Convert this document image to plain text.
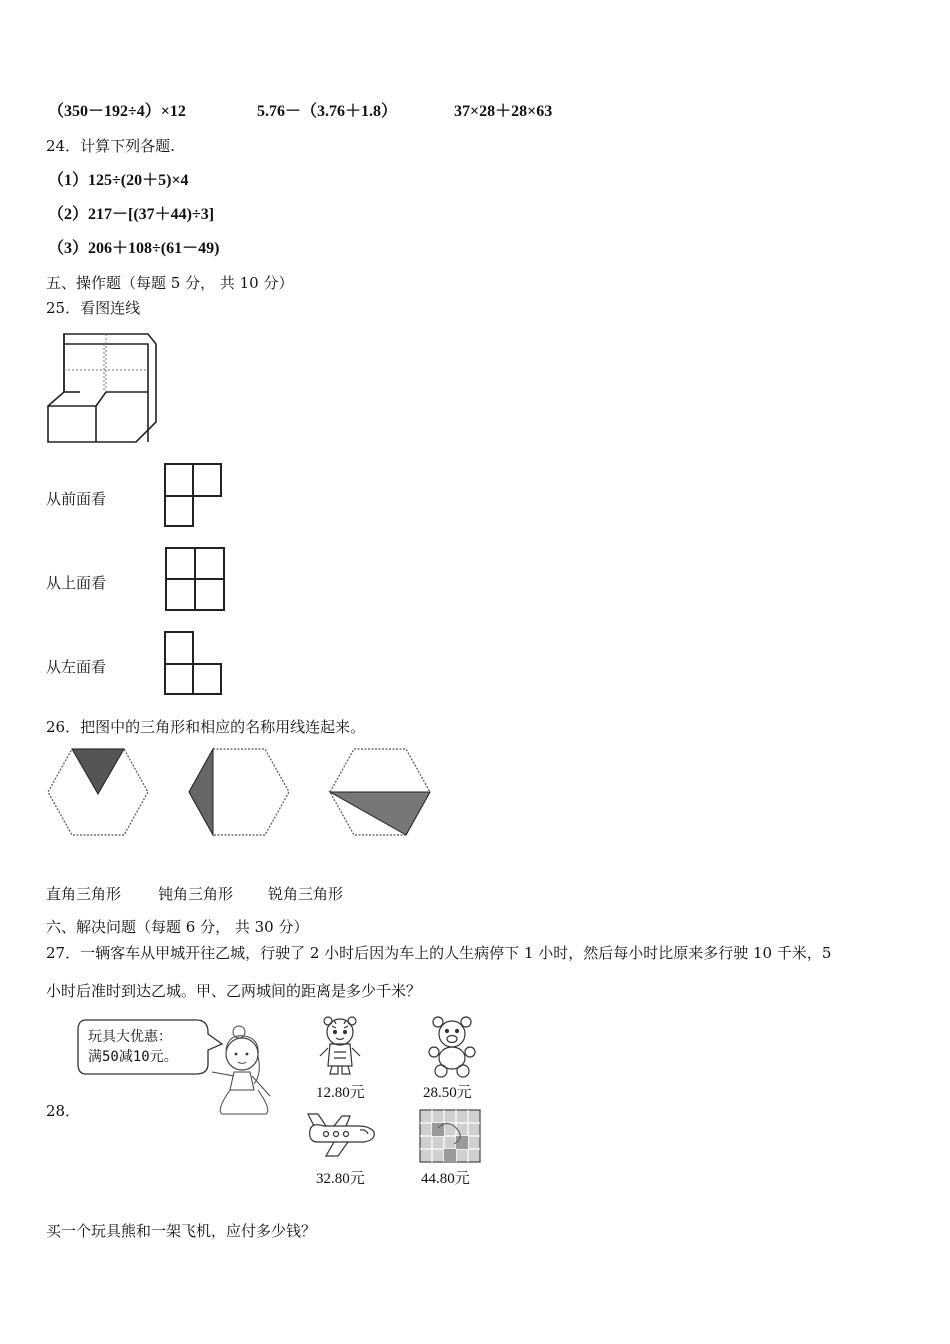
（350－192÷4）×12	5.76－（3.76＋1.8）	37×28＋28×63
24．计算下列各题.
（1）125÷(20＋5)×4
（2）217－[(37＋44)÷3]
（3）206＋108÷(61－49)
五、操作题（每题 5 分， 共 10 分）
25．看图连线
从前面看
从上面看
从左面看
26．把图中的三角形和相应的名称用线连起来。
直角三角形 钝角三角形 锐角三角形
六、解决问题（每题 6 分， 共 30 分）
27．一辆客车从甲城开往乙城，行驶了 2 小时后因为车上的人生病停下 1 小时，然后每小时比原来多行驶 10 千米，5
小时后准时到达乙城。甲、乙两城间的距离是多少千米？
28．
玩具大优惠：
满50减10元。
12.80元	28.50元
32.80元	44.80元
买一个玩具熊和一架飞机，应付多少钱？
